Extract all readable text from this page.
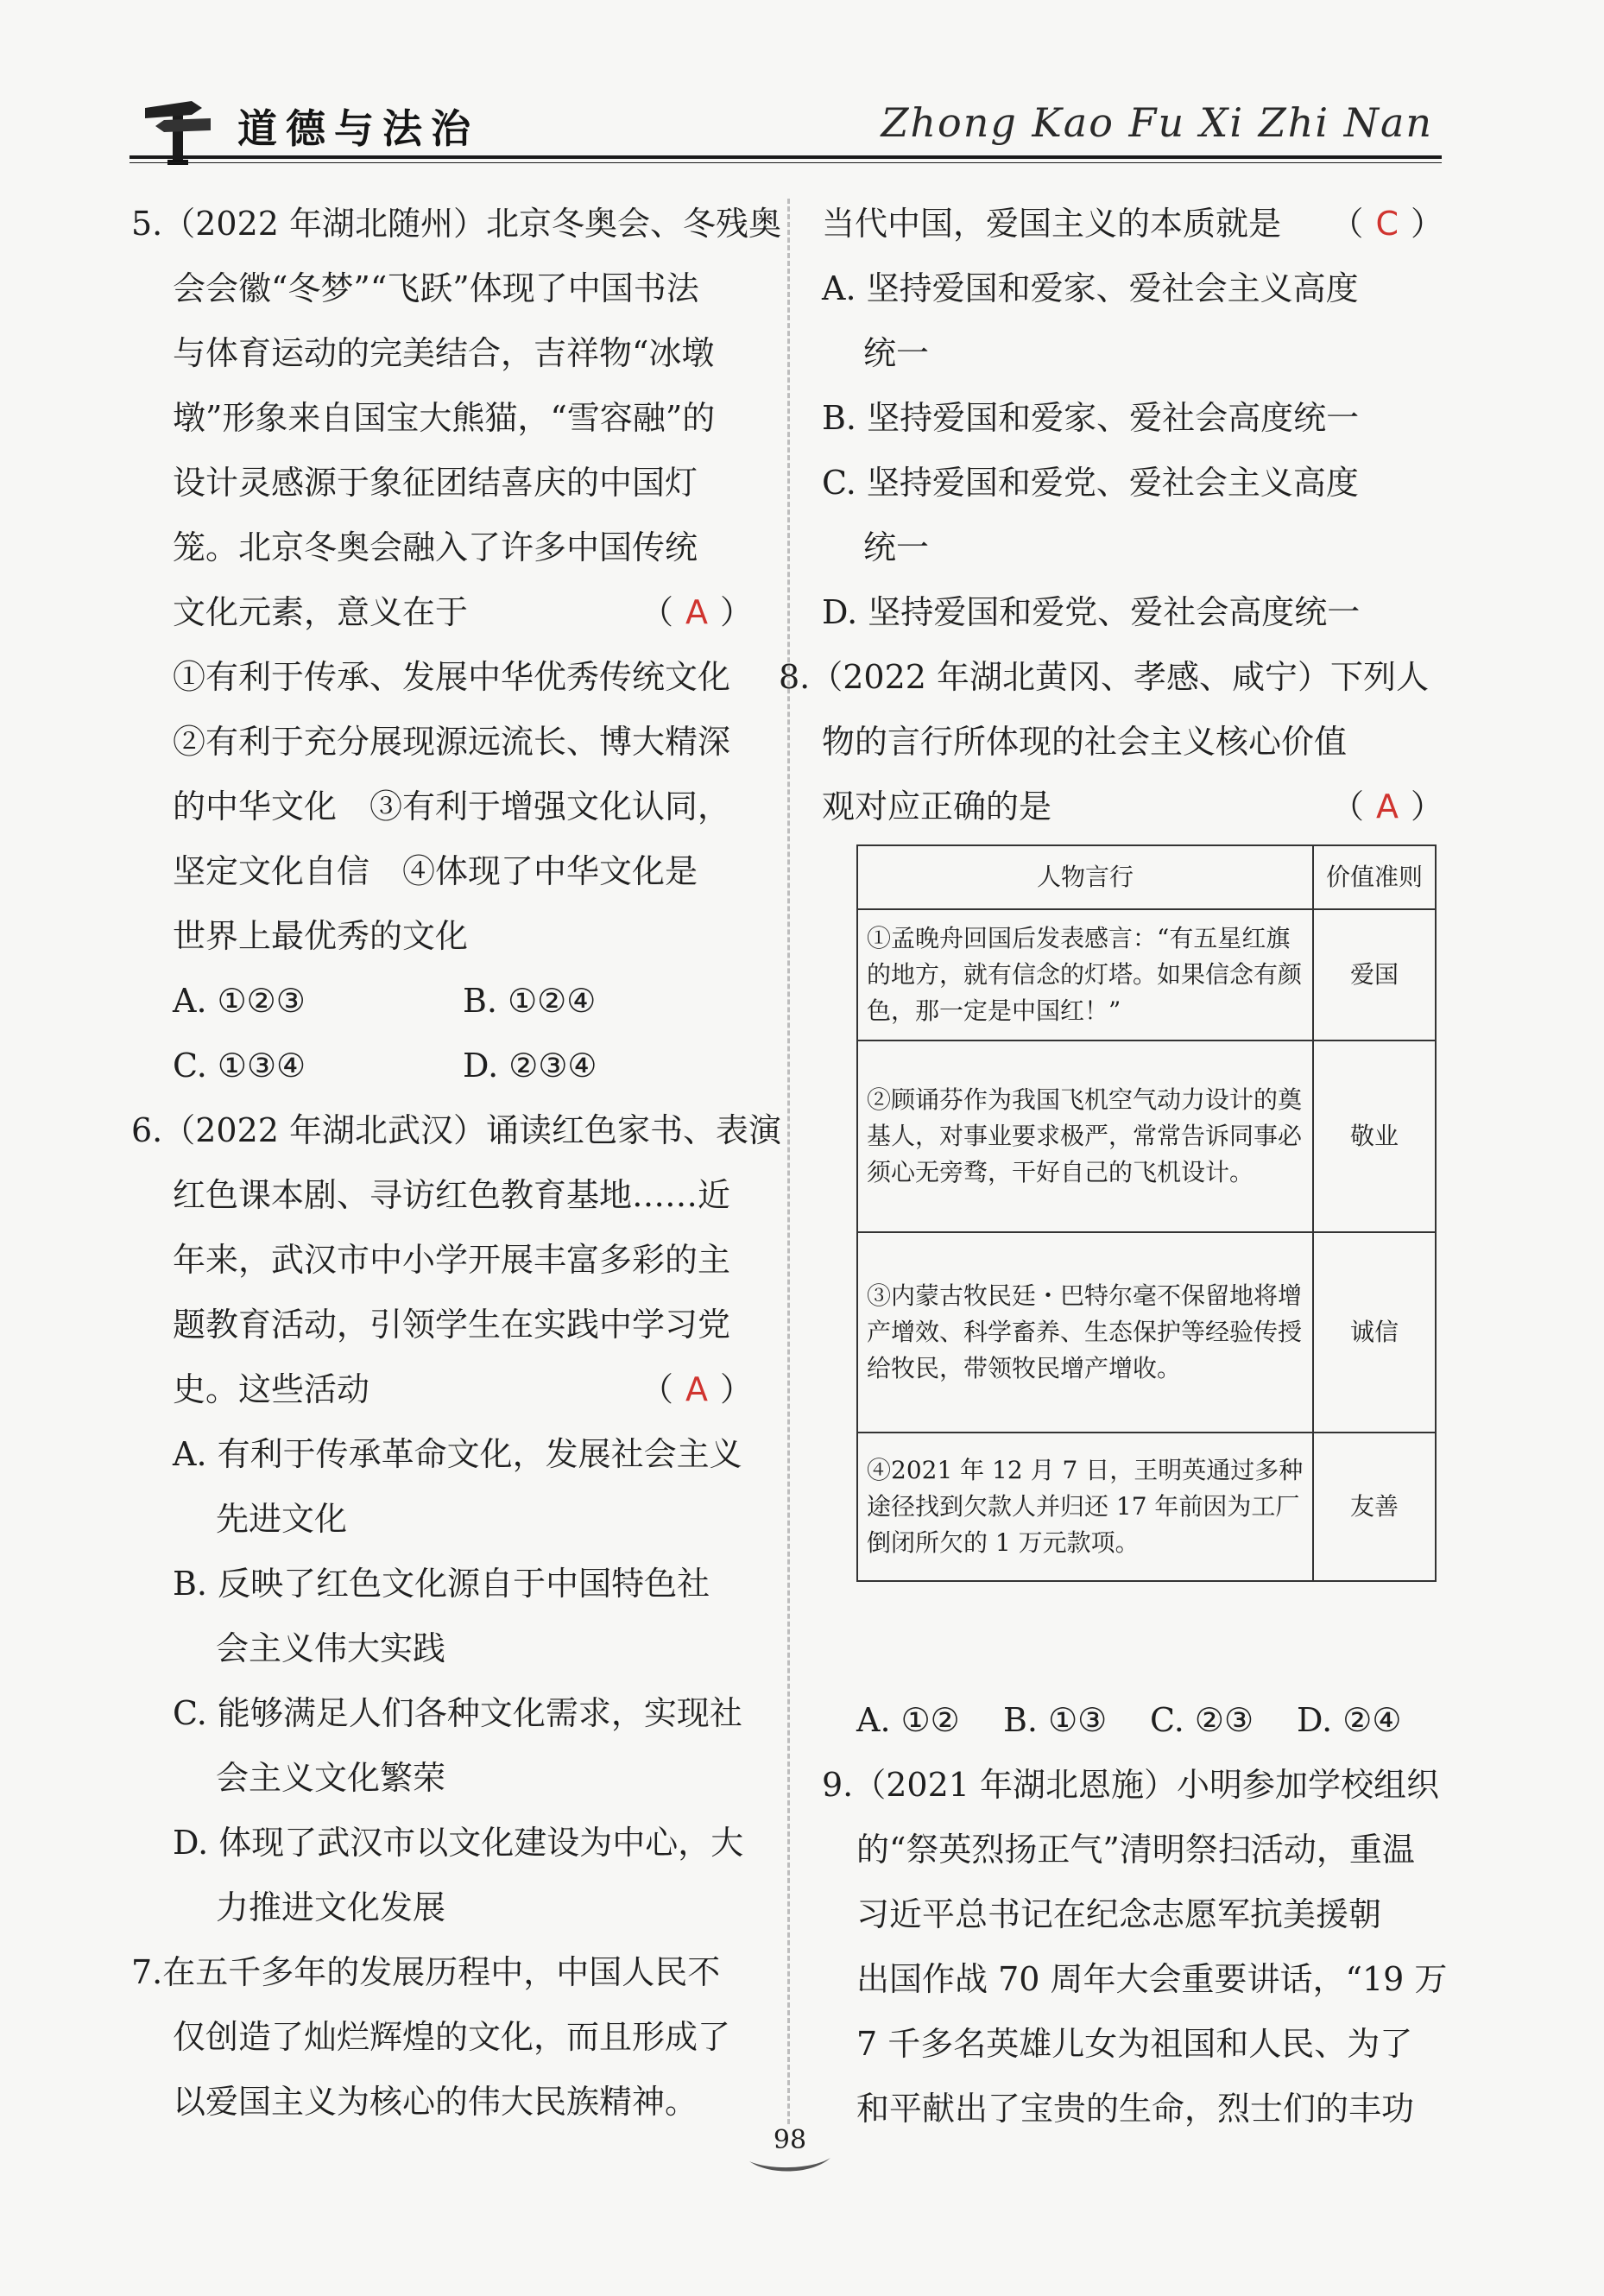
道德与法治	Zhong Kao Fu Xi Zhi Nan
5.（2022 年湖北随州）北京冬奥会、冬残奥
会会徽“冬梦”“飞跃”体现了中国书法
与体育运动的完美结合，吉祥物“冰墩
墩”形象来自国宝大熊猫，“雪容融”的
设计灵感源于象征团结喜庆的中国灯
笼。北京冬奥会融入了许多中国传统
文化元素，意义在于	（ A ）
①有利于传承、发展中华优秀传统文化
②有利于充分展现源远流长、博大精深
的中华文化　③有利于增强文化认同，
坚定文化自信　④体现了中华文化是
世界上最优秀的文化
A. ①②③	B. ①②④
C. ①③④	D. ②③④
6.（2022 年湖北武汉）诵读红色家书、表演
红色课本剧、寻访红色教育基地……近
年来，武汉市中小学开展丰富多彩的主
题教育活动，引领学生在实践中学习党
史。这些活动	（ A ）
A. 有利于传承革命文化，发展社会主义
先进文化
B. 反映了红色文化源自于中国特色社
会主义伟大实践
C. 能够满足人们各种文化需求，实现社
会主义文化繁荣
D. 体现了武汉市以文化建设为中心，大
力推进文化发展
7.在五千多年的发展历程中，中国人民不
仅创造了灿烂辉煌的文化，而且形成了
以爱国主义为核心的伟大民族精神。
当代中国，爱国主义的本质就是 （ C ）
A. 坚持爱国和爱家、爱社会主义高度
统一
B. 坚持爱国和爱家、爱社会高度统一
C. 坚持爱国和爱党、爱社会主义高度
统一
D. 坚持爱国和爱党、爱社会高度统一
8.（2022 年湖北黄冈、孝感、咸宁）下列人
物的言行所体现的社会主义核心价值
观对应正确的是	（ A ）
人物言行	价值准则
①孟晚舟回国后发表感言：“有五星红旗的地方，就有信念的灯塔。如果信念有颜色，那一定是中国红！”	爱国
②顾诵芬作为我国飞机空气动力设计的奠基人，对事业要求极严，常常告诉同事必须心无旁骛，干好自己的飞机设计。	敬业
③内蒙古牧民廷・巴特尔毫不保留地将增产增效、科学畜养、生态保护等经验传授给牧民，带领牧民增产增收。	诚信
④2021 年 12 月 7 日，王明英通过多种途径找到欠款人并归还 17 年前因为工厂倒闭所欠的 1 万元款项。	友善
A. ①②	B. ①③	C. ②③	D. ②④
9.（2021 年湖北恩施）小明参加学校组织
的“祭英烈扬正气”清明祭扫活动，重温
习近平总书记在纪念志愿军抗美援朝
出国作战 70 周年大会重要讲话，“19 万
7 千多名英雄儿女为祖国和人民、为了
和平献出了宝贵的生命，烈士们的丰功
98
